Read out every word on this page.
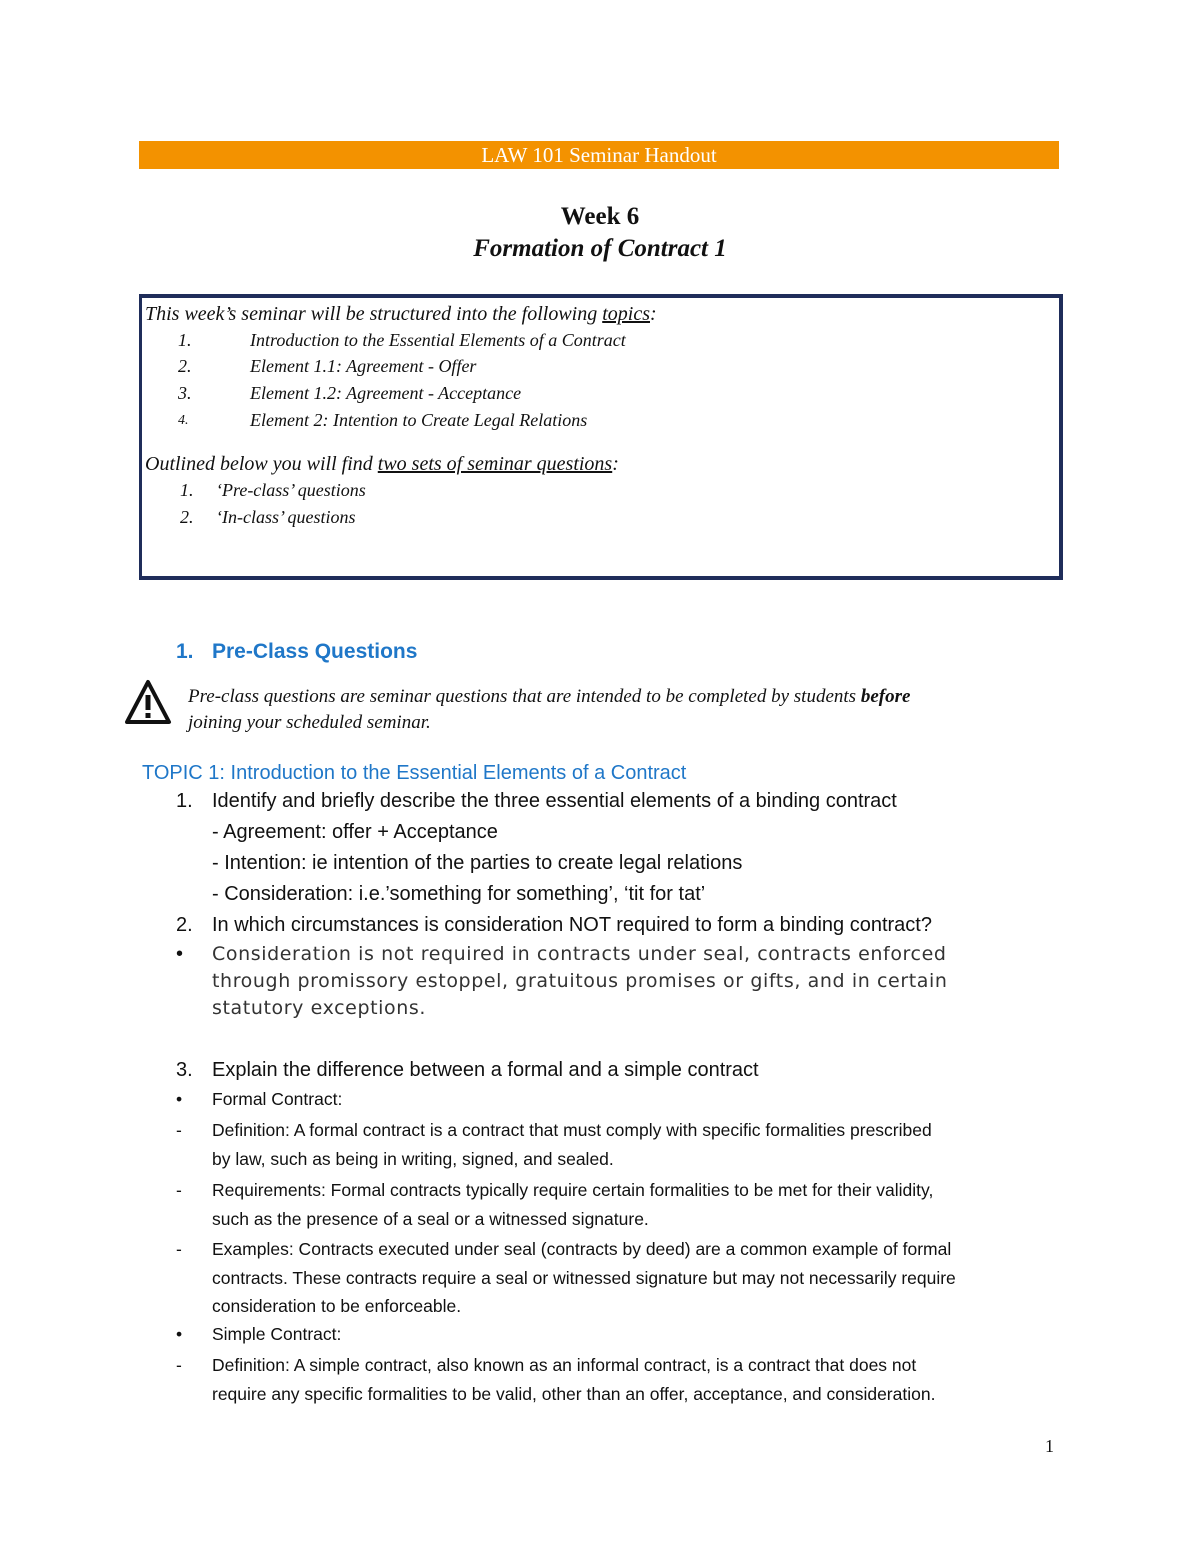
LAW 101 Seminar Handout
Week 6
Formation of Contract 1
This week’s seminar will be structured into the following topics:
1.	Introduction to the Essential Elements of a Contract
2.	Element 1.1: Agreement - Offer
3.	Element 1.2: Agreement - Acceptance
4.	Element 2: Intention to Create Legal Relations
Outlined below you will find two sets of seminar questions:
1. ‘Pre-class’ questions
2. ‘In-class’ questions
1. Pre-Class Questions
Pre-class questions are seminar questions that are intended to be completed by students before
joining your scheduled seminar.
TOPIC 1: Introduction to the Essential Elements of a Contract
1. Identify and briefly describe the three essential elements of a binding contract
- Agreement: offer + Acceptance
- Intention: ie intention of the parties to create legal relations
- Consideration: i.e.’something for something’, ‘tit for tat’
2. In which circumstances is consideration NOT required to form a binding contract?
• Consideration is not required in contracts under seal, contracts enforced
through promissory estoppel, gratuitous promises or gifts, and in certain
statutory exceptions.
3. Explain the difference between a formal and a simple contract
• Formal Contract:
- Definition: A formal contract is a contract that must comply with specific formalities prescribed
by law, such as being in writing, signed, and sealed.
- Requirements: Formal contracts typically require certain formalities to be met for their validity,
such as the presence of a seal or a witnessed signature.
- Examples: Contracts executed under seal (contracts by deed) are a common example of formal
contracts. These contracts require a seal or witnessed signature but may not necessarily require
consideration to be enforceable.
• Simple Contract:
- Definition: A simple contract, also known as an informal contract, is a contract that does not
require any specific formalities to be valid, other than an offer, acceptance, and consideration.
1
